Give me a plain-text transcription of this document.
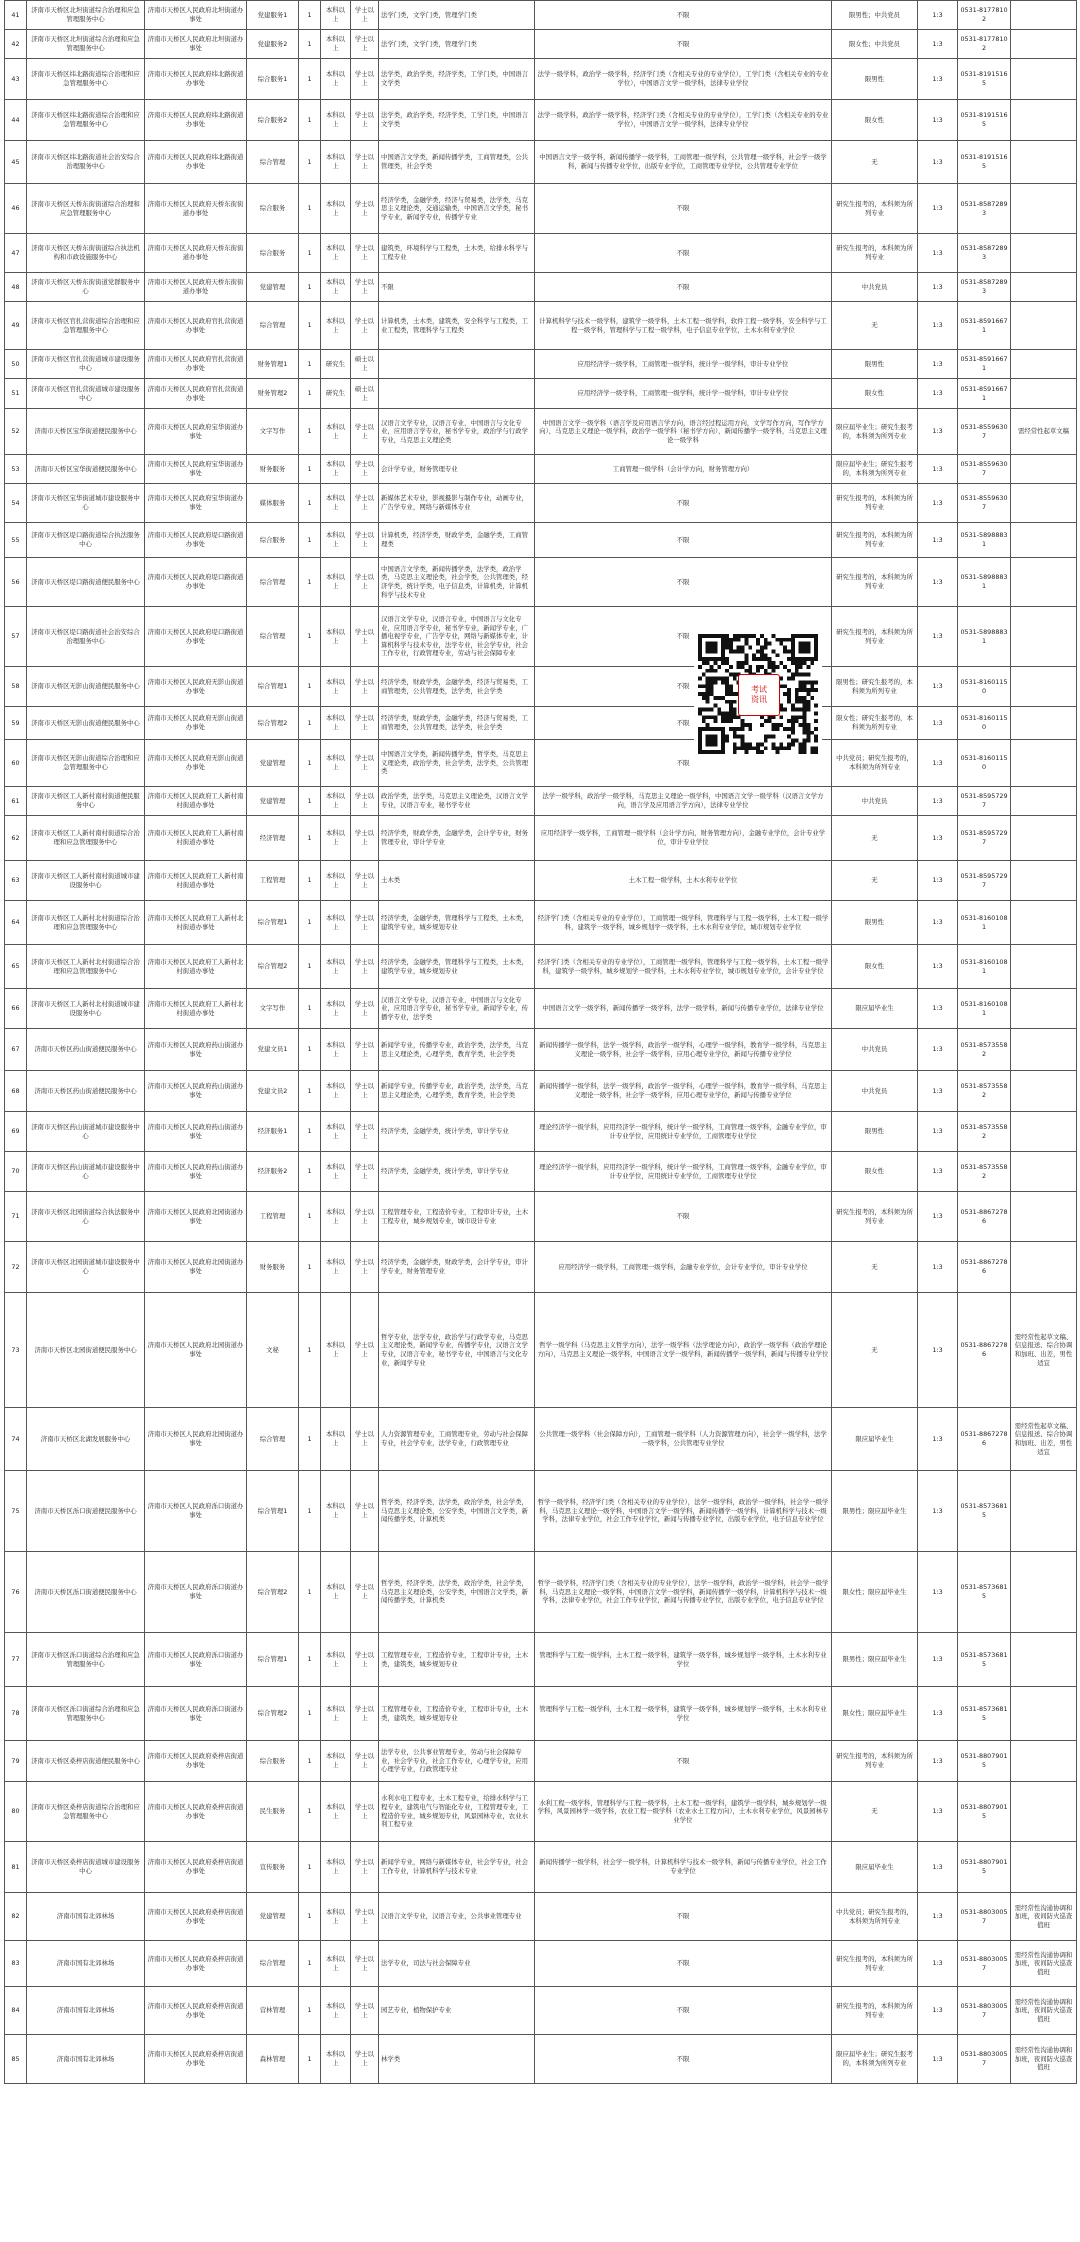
41	济南市天桥区北坦街道综合治理和应急管理服务中心	济南市天桥区人民政府北坦街道办事处	党建服务1	1	本科以上	学士以上	法学门类，文学门类，管理学门类	不限	限男性；中共党员	1:3	0531-81778102	
42	济南市天桥区北坦街道综合治理和应急管理服务中心	济南市天桥区人民政府北坦街道办事处	党建服务2	1	本科以上	学士以上	法学门类，文学门类，管理学门类	不限	限女性；中共党员	1:3	0531-81778102	
43	济南市天桥区纬北路街道综合治理和应急管理服务中心	济南市天桥区人民政府纬北路街道办事处	综合服务1	1	本科以上	学士以上	法学类，政治学类，经济学类，工学门类，中国语言文学类	法学一级学科，政治学一级学科，经济学门类（含相关专业的专业学位），工学门类（含相关专业的专业学位），中国语言文学一级学科，法律专业学位	限男性	1:3	0531-81915165	
44	济南市天桥区纬北路街道综合治理和应急管理服务中心	济南市天桥区人民政府纬北路街道办事处	综合服务2	1	本科以上	学士以上	法学类，政治学类，经济学类，工学门类，中国语言文学类	法学一级学科，政治学一级学科，经济学门类（含相关专业的专业学位），工学门类（含相关专业的专业学位），中国语言文学一级学科，法律专业学位	限女性	1:3	0531-81915165	
45	济南市天桥区纬北路街道社会治安综合治理服务中心	济南市天桥区人民政府纬北路街道办事处	综合管理	1	本科以上	学士以上	中国语言文学类，新闻传播学类，工商管理类，公共管理类，社会学类	中国语言文学一级学科，新闻传播学一级学科，工商管理一级学科，公共管理一级学科，社会学一级学科，新闻与传播专业学位，出版专业学位，工商管理专业学位，公共管理专业学位	无	1:3	0531-81915165	
46	济南市天桥区天桥东街街道综合治理和应急管理服务中心	济南市天桥区人民政府天桥东街街道办事处	综合服务	1	本科以上	学士以上	经济学类，金融学类，经济与贸易类，法学类，马克思主义理论类，交通运输类，中国语言文学类，秘书学专业，新闻学专业，传播学专业	不限	研究生报考的，本科须为所列专业	1:3	0531-85872893	
47	济南市天桥区天桥东街街道综合执法机构和市政设施服务中心	济南市天桥区人民政府天桥东街街道办事处	综合服务	1	本科以上	学士以上	建筑类，环境科学与工程类，土木类，给排水科学与工程专业	不限	研究生报考的，本科须为所列专业	1:3	0531-85872893	
48	济南市天桥区天桥东街街道党群服务中心	济南市天桥区人民政府天桥东街街道办事处	党建管理	1	本科以上	学士以上	不限	不限	中共党员	1:3	0531-85872893	
49	济南市天桥区官扎营街道综合治理和应急管理服务中心	济南市天桥区人民政府官扎营街道办事处	综合管理	1	本科以上	学士以上	计算机类，土木类，建筑类，安全科学与工程类，工业工程类，管理科学与工程类	计算机科学与技术一级学科，建筑学一级学科，土木工程一级学科，软件工程一级学科，安全科学与工程一级学科，管理科学与工程一级学科，电子信息专业学位，土木水利专业学位	无	1:3	0531-85916671	
50	济南市天桥区官扎营街道城市建设服务中心	济南市天桥区人民政府官扎营街道办事处	财务管理1	1	研究生	硕士以上		应用经济学一级学科，工商管理一级学科，统计学一级学科，审计专业学位	限男性	1:3	0531-85916671	
51	济南市天桥区官扎营街道城市建设服务中心	济南市天桥区人民政府官扎营街道办事处	财务管理2	1	研究生	硕士以上		应用经济学一级学科，工商管理一级学科，统计学一级学科，审计专业学位	限女性	1:3	0531-85916671	
52	济南市天桥区宝华街道便民服务中心	济南市天桥区人民政府宝华街道办事处	文字写作	1	本科以上	学士以上	汉语言文学专业，汉语言专业，中国语言与文化专业，应用语言学专业，秘书学专业，政治学与行政学专业，马克思主义理论类	中国语言文学一级学科（语言学及应用语言学方向，语言经过程运用方向，文学写作方向，写作学方向），马克思主义理论一级学科，政治学一级学科（秘书学方向），新闻传播学一级学科，马克思主义理论一级学科	限应届毕业生；研究生报考的，本科须为所列专业	1:3	0531-85596307	需经常性起草文稿
53	济南市天桥区宝华街道便民服务中心	济南市天桥区人民政府宝华街道办事处	财务服务	1	本科以上	学士以上	会计学专业，财务管理专业	工商管理一级学科（会计学方向，财务管理方向）	限应届毕业生；研究生报考的，本科须为所列专业	1:3	0531-85596307	
54	济南市天桥区宝华街道城市建设服务中心	济南市天桥区人民政府宝华街道办事处	媒体服务	1	本科以上	学士以上	新媒体艺术专业，影视摄影与制作专业，动画专业，广告学专业，网络与新媒体专业	不限	研究生报考的，本科须为所列专业	1:3	0531-85596307	
55	济南市天桥区堤口路街道综合执法服务中心	济南市天桥区人民政府堤口路街道办事处	综合服务	1	本科以上	学士以上	计算机类，经济学类，财政学类，金融学类，工商管理类	不限	研究生报考的，本科须为所列专业	1:3	0531-58988831	
56	济南市天桥区堤口路街道便民服务中心	济南市天桥区人民政府堤口路街道办事处	综合管理	1	本科以上	学士以上	中国语言文学类，新闻传播学类，法学类，政治学类，马克思主义理论类，社会学类，公共管理类，经济学类，统计学类，电子信息类，计算机类，计算机科学与技术专业	不限	研究生报考的，本科须为所列专业	1:3	0531-58988831	
57	济南市天桥区堤口路街道社会治安综合治理服务中心	济南市天桥区人民政府堤口路街道办事处	综合管理	1	本科以上	学士以上	汉语言文学专业，汉语言专业，中国语言与文化专业，应用语言学专业，秘书学专业，新闻学专业，广播电视学专业，广告学专业，网络与新媒体专业，计算机科学与技术专业，法学专业，社会学专业，社会工作专业，行政管理专业，劳动与社会保障专业	不限	研究生报考的，本科须为所列专业	1:3	0531-58988831	
58	济南市天桥区无影山街道便民服务中心	济南市天桥区人民政府无影山街道办事处	综合管理1	1	本科以上	学士以上	经济学类，财政学类，金融学类，经济与贸易类，工商管理类，公共管理类，法学类，社会学类	不限	限男性；研究生报考的，本科须为所列专业	1:3	0531-81601150	
59	济南市天桥区无影山街道便民服务中心	济南市天桥区人民政府无影山街道办事处	综合管理2	1	本科以上	学士以上	经济学类，财政学类，金融学类，经济与贸易类，工商管理类，公共管理类，法学类，社会学类	不限	限女性；研究生报考的，本科须为所列专业	1:3	0531-81601150	
60	济南市天桥区无影山街道综合治理和应急管理服务中心	济南市天桥区人民政府无影山街道办事处	党建管理	1	本科以上	学士以上	中国语言文学类，新闻传播学类，哲学类，马克思主义理论类，政治学类，社会学类，法学类，公共管理类	不限	中共党员；研究生报考的，本科须为所列专业	1:3	0531-81601150	
61	济南市天桥区工人新村南村街道便民服务中心	济南市天桥区人民政府工人新村南村街道办事处	党建管理	1	本科以上	学士以上	政治学类，法学类，马克思主义理论类，汉语言文学专业，汉语言专业，秘书学专业	法学一级学科，政治学一级学科，马克思主义理论一级学科，中国语言文学一级学科（汉语言文学方向，语言学及应用语言学方向），法律专业学位	中共党员	1:3	0531-85957297	
62	济南市天桥区工人新村南村街道综合治理和应急管理服务中心	济南市天桥区人民政府工人新村南村街道办事处	经济管理	1	本科以上	学士以上	经济学类，财政学类，金融学类，会计学专业，财务管理专业，审计学专业	应用经济学一级学科，工商管理一级学科（会计学方向，财务管理方向），金融专业学位，会计专业学位，审计专业学位	无	1:3	0531-85957297	
63	济南市天桥区工人新村南村街道城市建设服务中心	济南市天桥区人民政府工人新村南村街道办事处	工程管理	1	本科以上	学士以上	土木类	土木工程一级学科，土木水利专业学位	无	1:3	0531-85957297	
64	济南市天桥区工人新村北村街道综合治理和应急管理服务中心	济南市天桥区人民政府工人新村北村街道办事处	综合管理1	1	本科以上	学士以上	经济学类，金融学类，管理科学与工程类，土木类，建筑学专业，城乡规划专业	经济学门类（含相关专业的专业学位），工商管理一级学科，管理科学与工程一级学科，土木工程一级学科，建筑学一级学科，城乡规划学一级学科，土木水利专业学位，城市规划专业学位	限男性	1:3	0531-81601081	
65	济南市天桥区工人新村北村街道综合治理和应急管理服务中心	济南市天桥区人民政府工人新村北村街道办事处	综合管理2	1	本科以上	学士以上	经济学类，金融学类，管理科学与工程类，土木类，建筑学专业，城乡规划专业	经济学门类（含相关专业的专业学位），工商管理一级学科，管理科学与工程一级学科，土木工程一级学科，建筑学一级学科，城乡规划学一级学科，土木水利专业学位，城市规划专业学位，会计专业学位	限女性	1:3	0531-81601081	
66	济南市天桥区工人新村北村街道城市建设服务中心	济南市天桥区人民政府工人新村北村街道办事处	文字写作	1	本科以上	学士以上	汉语言文学专业，汉语言专业，中国语言与文化专业，应用语言学专业，秘书学专业，新闻学专业，传播学专业，法学类	中国语言文学一级学科，新闻传播学一级学科，法学一级学科，新闻与传播专业学位，法律专业学位	限应届毕业生	1:3	0531-81601081	
67	济南市天桥区药山街道便民服务中心	济南市天桥区人民政府药山街道办事处	党建文员1	1	本科以上	学士以上	新闻学专业，传播学专业，政治学类，法学类，马克思主义理论类，心理学类，教育学类，社会学类	新闻传播学一级学科，法学一级学科，政治学一级学科，心理学一级学科，教育学一级学科，马克思主义理论一级学科，社会学一级学科，应用心理专业学位，新闻与传播专业学位	中共党员	1:3	0531-85735582	
68	济南市天桥区药山街道便民服务中心	济南市天桥区人民政府药山街道办事处	党建文员2	1	本科以上	学士以上	新闻学专业，传播学专业，政治学类，法学类，马克思主义理论类，心理学类，教育学类，社会学类	新闻传播学一级学科，法学一级学科，政治学一级学科，心理学一级学科，教育学一级学科，马克思主义理论一级学科，社会学一级学科，应用心理专业学位，新闻与传播专业学位	中共党员	1:3	0531-85735582	
69	济南市天桥区药山街道城市建设服务中心	济南市天桥区人民政府药山街道办事处	经济服务1	1	本科以上	学士以上	经济学类，金融学类，统计学类，审计学专业	理论经济学一级学科，应用经济学一级学科，统计学一级学科，工商管理一级学科，金融专业学位，审计专业学位，应用统计专业学位，工商管理专业学位	限男性	1:3	0531-85735582	
70	济南市天桥区药山街道城市建设服务中心	济南市天桥区人民政府药山街道办事处	经济服务2	1	本科以上	学士以上	经济学类，金融学类，统计学类，审计学专业	理论经济学一级学科，应用经济学一级学科，统计学一级学科，工商管理一级学科，金融专业学位，审计专业学位，应用统计专业学位，工商管理专业学位	限女性	1:3	0531-85735582	
71	济南市天桥区北园街道综合执法服务中心	济南市天桥区人民政府北园街道办事处	工程管理	1	本科以上	学士以上	工程管理专业，工程造价专业，工程审计专业，土木工程专业，城乡规划专业，城市设计专业	不限	研究生报考的，本科须为所列专业	1:3	0531-88672786	
72	济南市天桥区北园街道城市建设服务中心	济南市天桥区人民政府北园街道办事处	财务服务	1	本科以上	学士以上	经济学类，金融学类，财政学类，会计学专业，审计学专业，财务管理专业	应用经济学一级学科，工商管理一级学科，金融专业学位，会计专业学位，审计专业学位	无	1:3	0531-88672786	
73	济南市天桥区北园街道便民服务中心	济南市天桥区人民政府北园街道办事处	文秘	1	本科以上	学士以上	哲学专业，法学专业，政治学与行政学专业，马克思主义理论类，新闻学专业，传播学专业，汉语言文学专业，汉语言专业，秘书学专业，中国语言与文化专业，新闻学专业	哲学一级学科（马克思主义哲学方向），法学一级学科（法学理论方向），政治学一级学科（政治学理论方向），马克思主义理论一级学科，中国语言文学一级学科，新闻传播学一级学科，新闻与传播专业学位	无	1:3	0531-88672786	需经常性起草文稿、信息报送、综合协调和加班、出差，男性适宜
74	济南市天桥区北湖发展服务中心	济南市天桥区人民政府北园街道办事处	综合管理	1	本科以上	学士以上	人力资源管理专业，工商管理专业，劳动与社会保障专业，社会学专业，法学专业，行政管理专业	公共管理一级学科（社会保障方向），工商管理一级学科（人力资源管理方向），社会学一级学科，法学一级学科，公共管理专业学位	限应届毕业生	1:3	0531-88672786	需经常性起草文稿、信息报送、综合协调和加班、出差，男性适宜
75	济南市天桥区泺口街道便民服务中心	济南市天桥区人民政府泺口街道办事处	综合管理1	1	本科以上	学士以上	哲学类，经济学类，法学类，政治学类，社会学类，马克思主义理论类，公安学类，中国语言文学类，新闻传播学类，计算机类	哲学一级学科，经济学门类（含相关专业的专业学位），法学一级学科，政治学一级学科，社会学一级学科，马克思主义理论一级学科，中国语言文学一级学科，新闻传播学一级学科，计算机科学与技术一级学科，法律专业学位，社会工作专业学位，新闻与传播专业学位，出版专业学位，电子信息专业学位	限男性；限应届毕业生	1:3	0531-85736815	
76	济南市天桥区泺口街道便民服务中心	济南市天桥区人民政府泺口街道办事处	综合管理2	1	本科以上	学士以上	哲学类，经济学类，法学类，政治学类，社会学类，马克思主义理论类，公安学类，中国语言文学类，新闻传播学类，计算机类	哲学一级学科，经济学门类（含相关专业的专业学位），法学一级学科，政治学一级学科，社会学一级学科，马克思主义理论一级学科，中国语言文学一级学科，新闻传播学一级学科，计算机科学与技术一级学科，法律专业学位，社会工作专业学位，新闻与传播专业学位，出版专业学位，电子信息专业学位	限女性；限应届毕业生	1:3	0531-85736815	
77	济南市天桥区泺口街道综合治理和应急管理服务中心	济南市天桥区人民政府泺口街道办事处	综合管理1	1	本科以上	学士以上	工程管理专业，工程造价专业，工程审计专业，土木类，建筑类，城乡规划专业	管理科学与工程一级学科，土木工程一级学科，建筑学一级学科，城乡规划学一级学科，土木水利专业学位	限男性；限应届毕业生	1:3	0531-85736815	
78	济南市天桥区泺口街道综合治理和应急管理服务中心	济南市天桥区人民政府泺口街道办事处	综合管理2	1	本科以上	学士以上	工程管理专业，工程造价专业，工程审计专业，土木类，建筑类，城乡规划专业	管理科学与工程一级学科，土木工程一级学科，建筑学一级学科，城乡规划学一级学科，土木水利专业学位	限女性；限应届毕业生	1:3	0531-85736815	
79	济南市天桥区桑梓店街道便民服务中心	济南市天桥区人民政府桑梓店街道办事处	综合服务	1	本科以上	学士以上	法学专业，公共事业管理专业，劳动与社会保障专业，社会学专业，社会工作专业，心理学专业，应用心理学专业，行政管理专业	不限	研究生报考的，本科须为所列专业	1:3	0531-88079015	
80	济南市天桥区桑梓店街道综合治理和应急管理服务中心	济南市天桥区人民政府桑梓店街道办事处	民生服务	1	本科以上	学士以上	水利水电工程专业，土木工程专业，给排水科学与工程专业，建筑电气与智能化专业，工程管理专业，工程造价专业，城乡规划专业，风景园林专业，农业水利工程专业	水利工程一级学科，管理科学与工程一级学科，土木工程一级学科，建筑学一级学科，城乡规划学一级学科，风景园林学一级学科，农业工程一级学科（农业水土工程方向），土木水利专业学位，风景园林专业学位	无	1:3	0531-88079015	
81	济南市天桥区桑梓店街道城市建设服务中心	济南市天桥区人民政府桑梓店街道办事处	宣传服务	1	本科以上	学士以上	新闻学专业，网络与新媒体专业，社会学专业，社会工作专业，计算机科学与技术专业	新闻传播学一级学科，社会学一级学科，计算机科学与技术一级学科，新闻与传播专业学位，社会工作专业学位	限应届毕业生	1:3	0531-88079015	
82	济南市国有北郊林场	济南市天桥区人民政府桑梓店街道办事处	党建管理	1	本科以上	学士以上	汉语言文学专业，汉语言专业，公共事业管理专业	不限	中共党员；研究生报考的，本科须为所列专业	1:3	0531-88030057	需经常性沟通协调和加班，夜间防火巡查值班
83	济南市国有北郊林场	济南市天桥区人民政府桑梓店街道办事处	综合管理	1	本科以上	学士以上	法学专业，司法与社会保障专业	不限	研究生报考的，本科须为所列专业	1:3	0531-88030057	需经常性沟通协调和加班，夜间防火巡查值班
84	济南市国有北郊林场	济南市天桥区人民政府桑梓店街道办事处	营林管理	1	本科以上	学士以上	园艺专业，植物保护专业	不限	研究生报考的，本科须为所列专业	1:3	0531-88030057	需经常性沟通协调和加班，夜间防火巡查值班
85	济南市国有北郊林场	济南市天桥区人民政府桑梓店街道办事处	森林管理	1	本科以上	学士以上	林学类	不限	限应届毕业生；研究生报考的，本科须为所列专业	1:3	0531-88030057	需经常性沟通协调和加班，夜间防火巡查值班
考试
资讯
